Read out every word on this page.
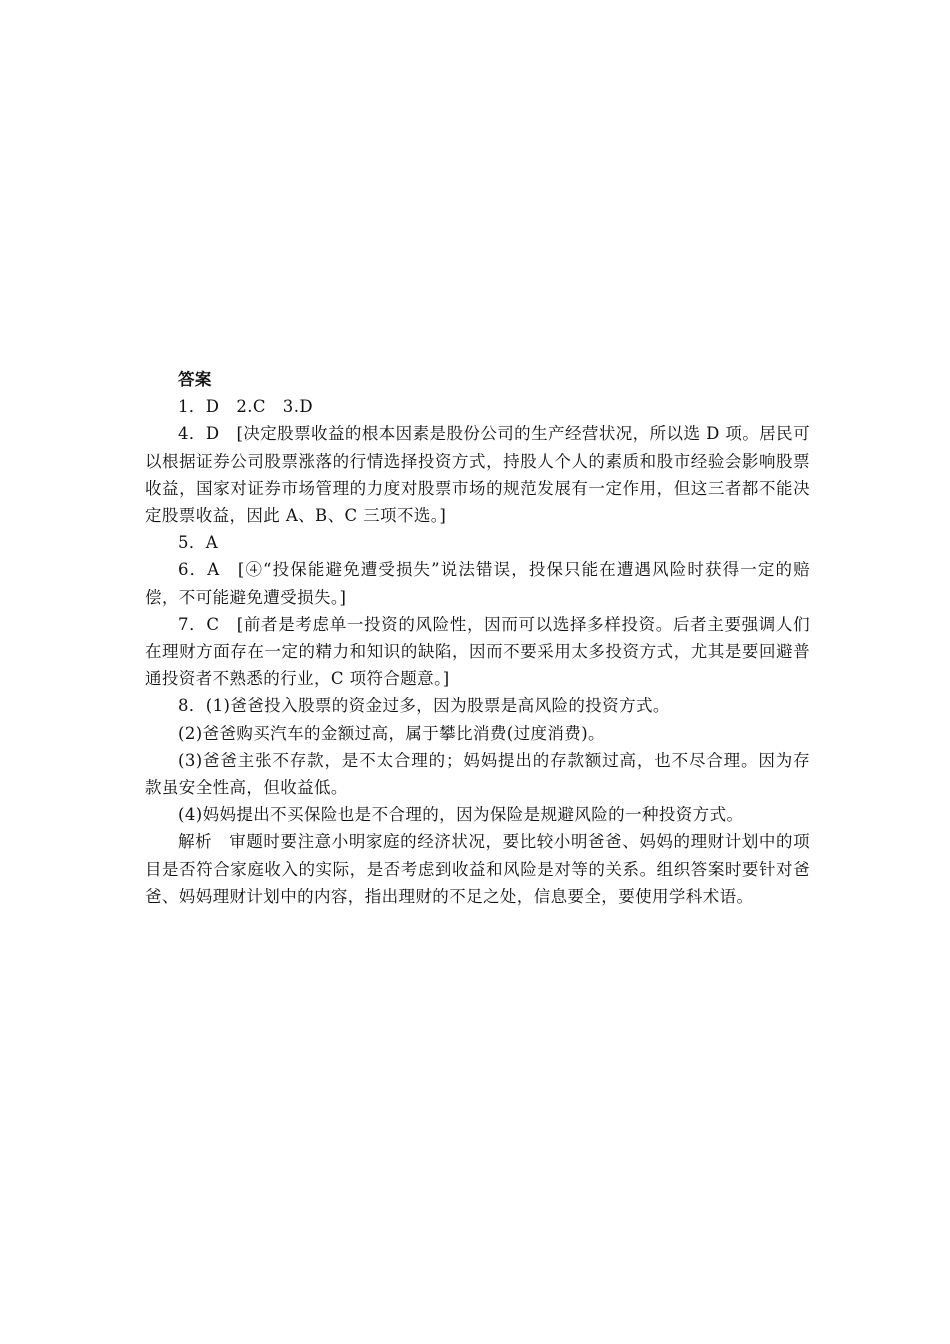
答案

1．D　2.C　3.D

4．D　[决定股票收益的根本因素是股份公司的生产经营状况，所以选 D 项。居民可以根据证券公司股票涨落的行情选择投资方式，持股人个人的素质和股市经验会影响股票收益，国家对证券市场管理的力度对股票市场的规范发展有一定作用，但这三者都不能决定股票收益，因此 A、B、C 三项不选。]

5．A

6．A　[④“投保能避免遭受损失”说法错误，投保只能在遭遇风险时获得一定的赔偿，不可能避免遭受损失。]

7．C　[前者是考虑单一投资的风险性，因而可以选择多样投资。后者主要强调人们在理财方面存在一定的精力和知识的缺陷，因而不要采用太多投资方式，尤其是要回避普通投资者不熟悉的行业，C 项符合题意。]

8．(1)爸爸投入股票的资金过多，因为股票是高风险的投资方式。

(2)爸爸购买汽车的金额过高，属于攀比消费(过度消费)。

(3)爸爸主张不存款，是不太合理的；妈妈提出的存款额过高，也不尽合理。因为存款虽安全性高，但收益低。

(4)妈妈提出不买保险也是不合理的，因为保险是规避风险的一种投资方式。

解析　审题时要注意小明家庭的经济状况，要比较小明爸爸、妈妈的理财计划中的项目是否符合家庭收入的实际，是否考虑到收益和风险是对等的关系。组织答案时要针对爸爸、妈妈理财计划中的内容，指出理财的不足之处，信息要全，要使用学科术语。
